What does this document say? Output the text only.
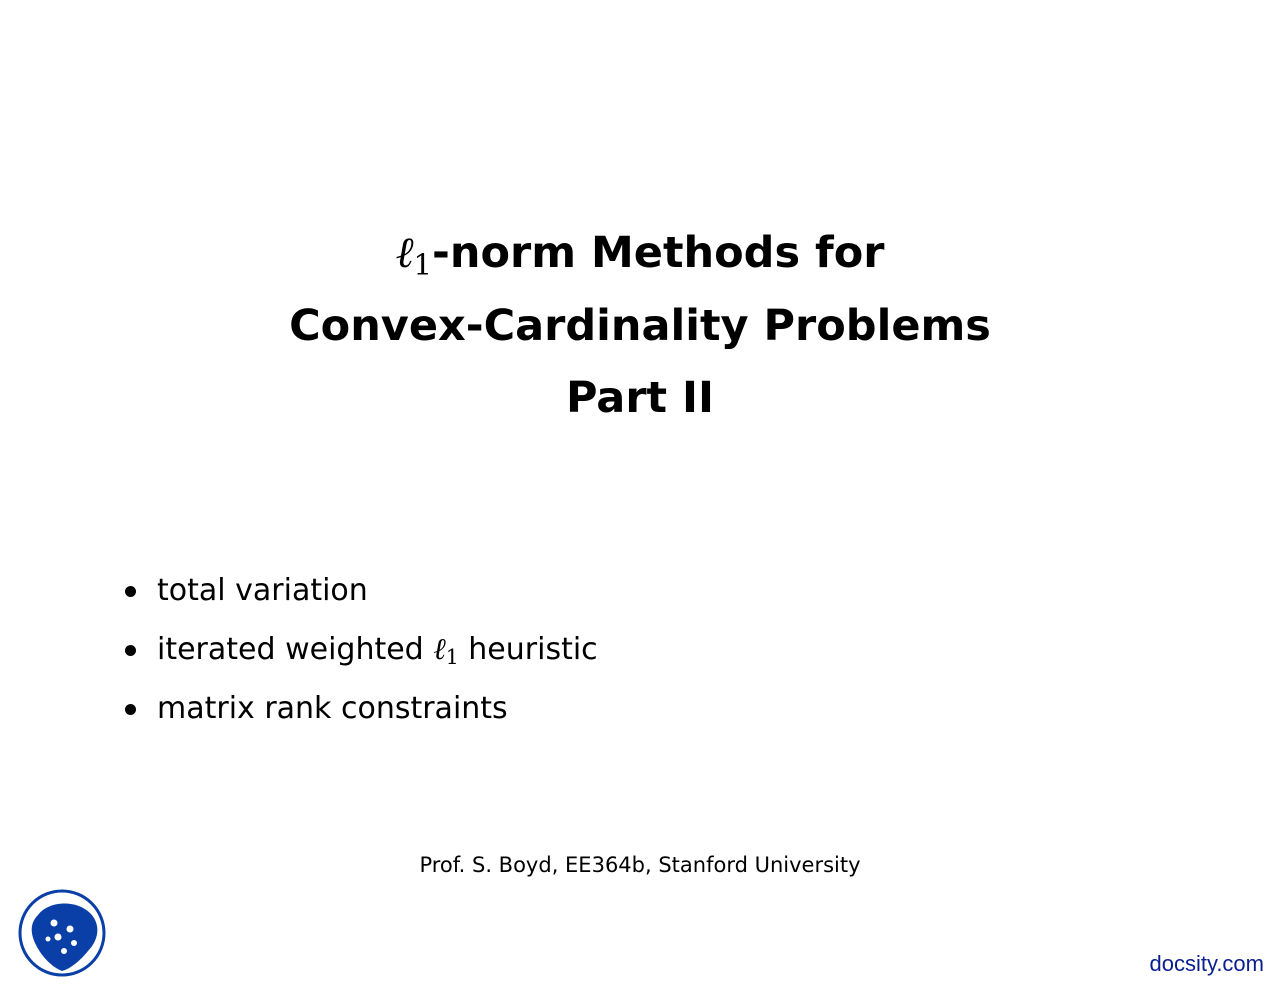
ℓ$_1$-norm Methods for
Convex-Cardinality Problems
Part II
total variation
iterated weighted ℓ$_1$ heuristic
matrix rank constraints
Prof. S. Boyd, EE364b, Stanford University
docsity.com
